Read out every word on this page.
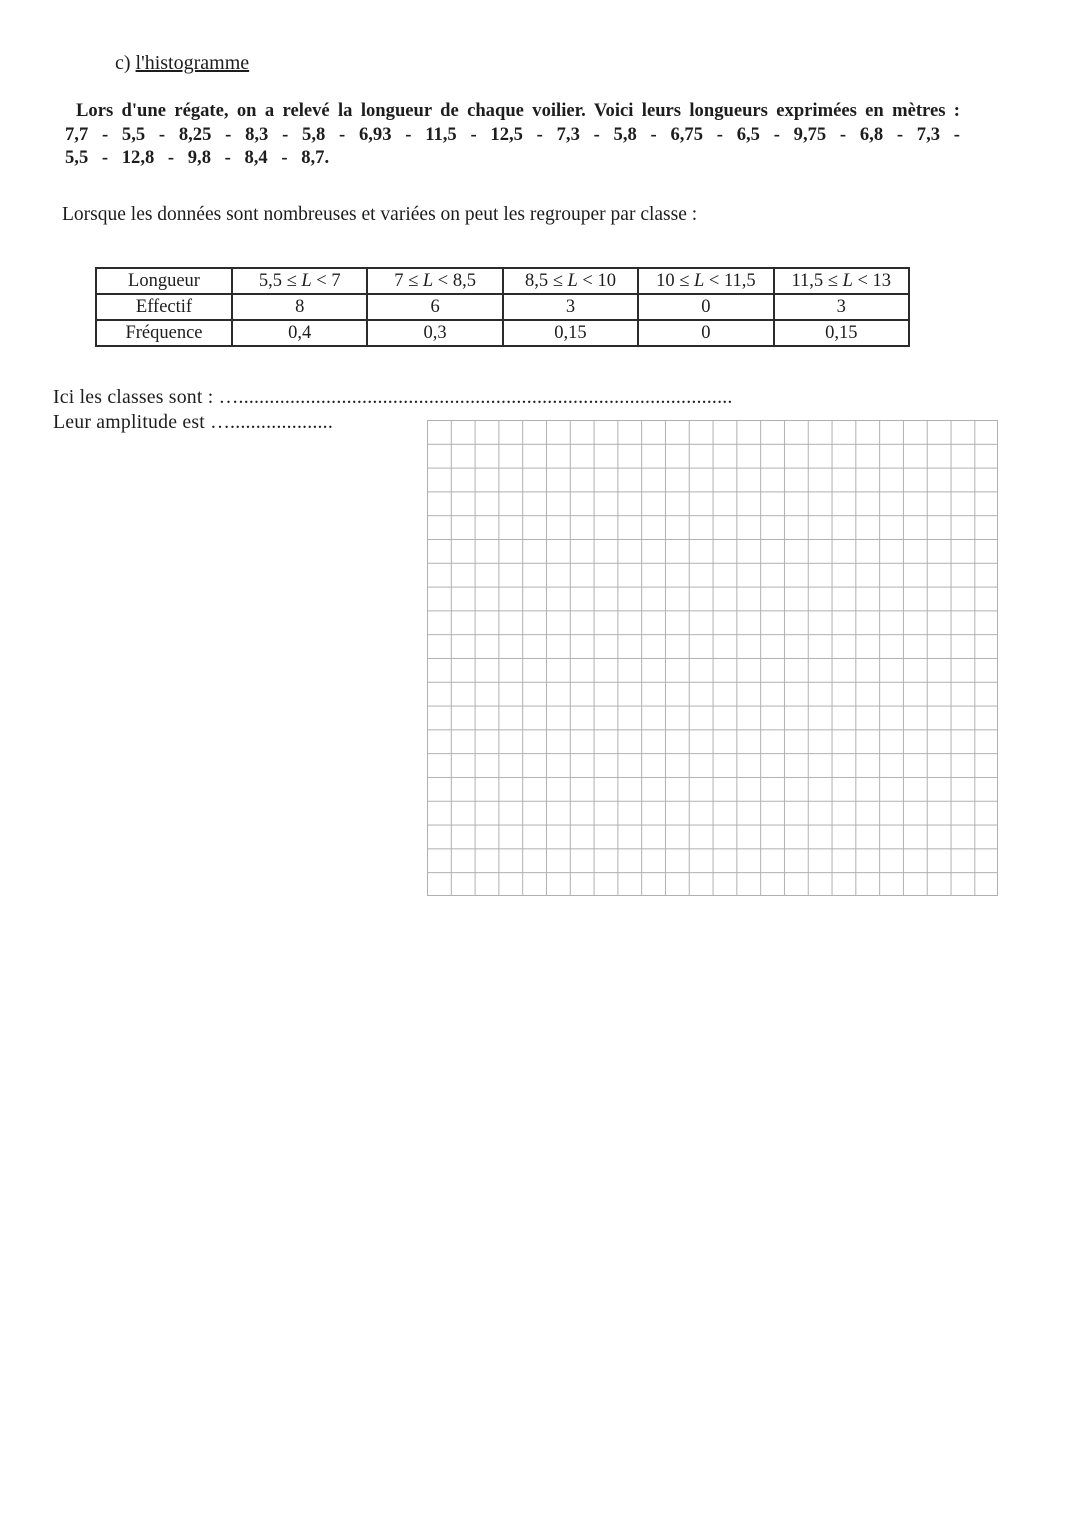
c) l'histogramme
Lors d'une régate, on a relevé la longueur de chaque voilier. Voici leurs longueurs exprimées en mètres :
7,7 - 5,5 - 8,25 - 8,3 - 5,8 - 6,93 - 11,5 - 12,5 - 7,3 - 5,8 - 6,75 - 6,5 - 9,75 - 6,8 - 7,3 -
5,5 - 12,8 - 9,8 - 8,4 - 8,7.
Lorsque les données sont nombreuses et variées on peut les regrouper par classe :
Longueur	5,5 ≤ L < 7	7 ≤ L < 8,5	8,5 ≤ L < 10	10 ≤ L < 11,5	11,5 ≤ L < 13
Effectif	8	6	3	0	3
Fréquence	0,4	0,3	0,15	0	0,15
Ici les classes sont : …................................................................................................
Leur amplitude est …....................
